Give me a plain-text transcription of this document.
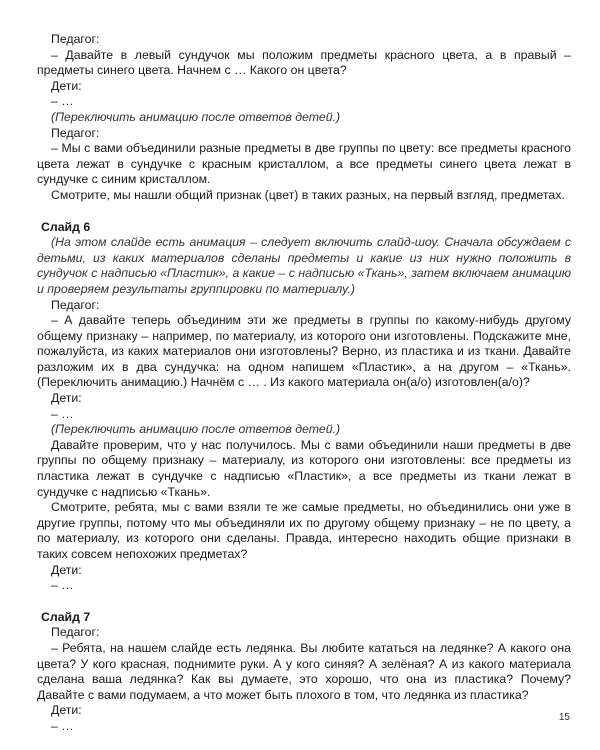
Педагог:

– Давайте в левый сундучок мы положим предметы красного цвета, а в правый – предметы синего цвета. Начнем с … Какого он цвета?

Дети:

– …

(Переключить анимацию после ответов детей.)

Педагог:

– Мы с вами объединили разные предметы в две группы по цвету: все предметы красного цвета лежат в сундучке с красным кристаллом, а все предметы синего цвета лежат в сундучке с синим кристаллом.

Смотрите, мы нашли общий признак (цвет) в таких разных, на первый взгляд, предметах.

Слайд 6

(На этом слайде есть анимация – следует включить слайд-шоу. Сначала обсуждаем с детьми, из каких материалов сделаны предметы и какие из них нужно положить в сундучок с надписью «Пластик», а какие – с надписью «Ткань», затем включаем анимацию и проверяем результаты группировки по материалу.)

Педагог:

– А давайте теперь объединим эти же предметы в группы по какому-нибудь другому общему признаку – например, по материалу, из которого они изготовлены. Подскажите мне, пожалуйста, из каких материалов они изготовлены? Верно, из пластика и из ткани. Давайте разложим их в два сундучка: на одном напишем «Пластик», а на другом – «Ткань». (Переключить анимацию.) Начнём с … . Из какого материала он(а/о) изготовлен(а/о)?

Дети:

– …

(Переключить анимацию после ответов детей.)

Давайте проверим, что у нас получилось. Мы с вами объединили наши предметы в две группы по общему признаку – материалу, из которого они изготовлены: все предметы из пластика лежат в сундучке с надписью «Пластик», а все предметы из ткани лежат в сундучке с надписью «Ткань».

Смотрите, ребята, мы с вами взяли те же самые предметы, но объединились они уже в другие группы, потому что мы объединяли их по другому общему признаку – не по цвету, а по материалу, из которого они сделаны. Правда, интересно находить общие признаки в таких совсем непохожих предметах?

Дети:

– …

Слайд 7

Педагог:

– Ребята, на нашем слайде есть ледянка. Вы любите кататься на ледянке? А какого она цвета? У кого красная, поднимите руки. А у кого синяя? А зелёная? А из какого материала сделана ваша ледянка? Как вы думаете, это хорошо, что она из пластика? Почему? Давайте с вами подумаем, а что может быть плохого в том, что ледянка из пластика?

Дети:

– …

15
